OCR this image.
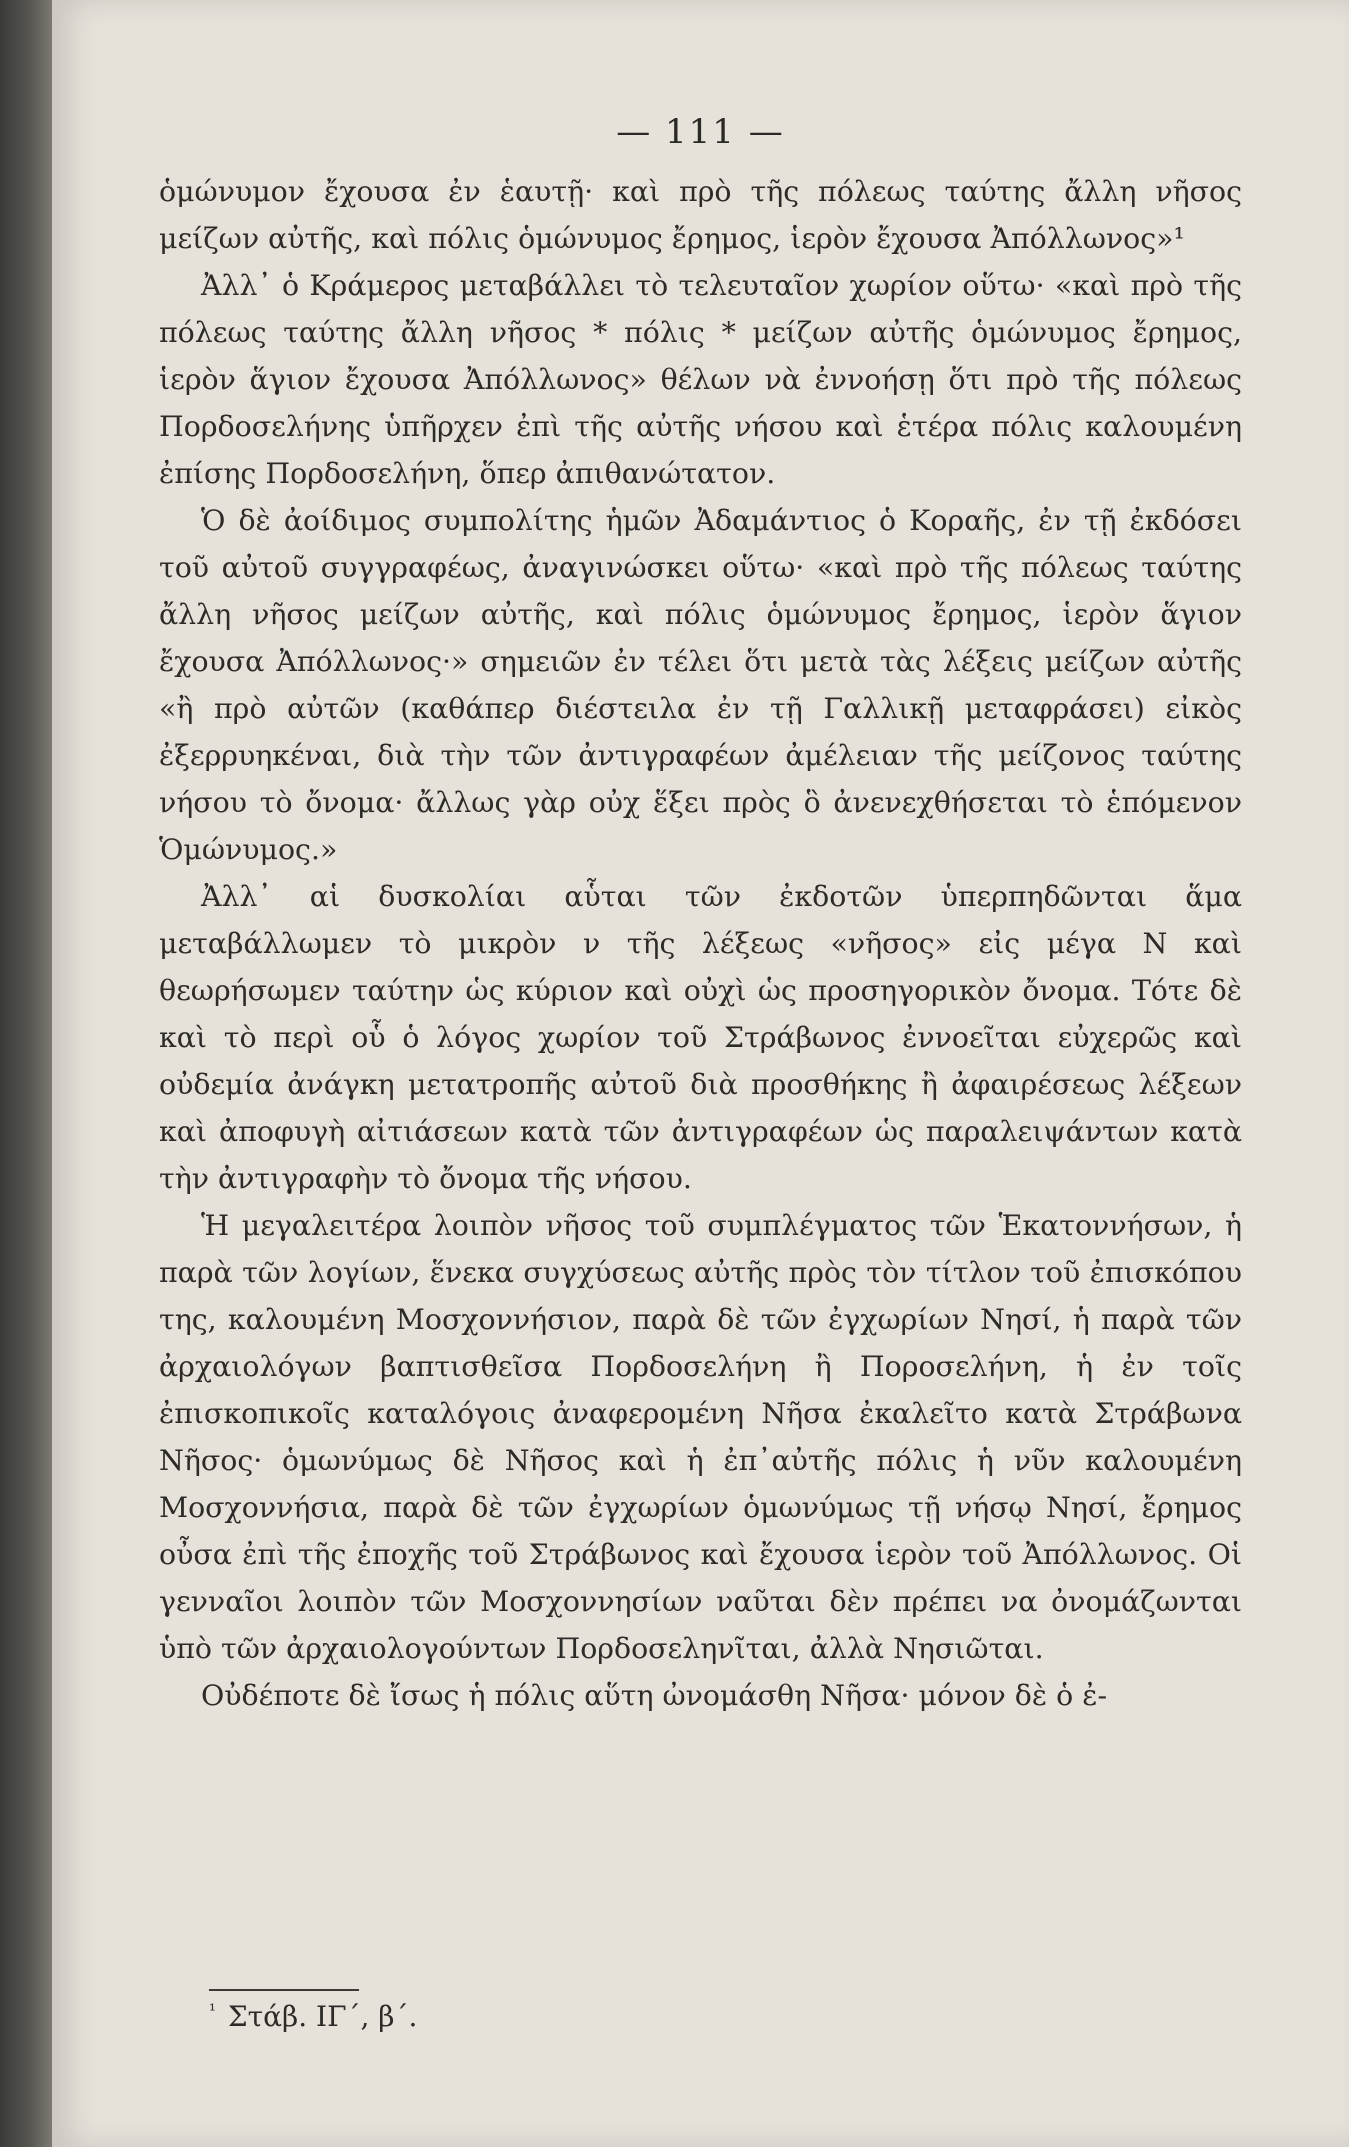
— 111 —

ὁμώνυμον ἔχουσα ἐν ἑαυτῇ· καὶ πρὸ τῆς πόλεως ταύτης ἄλλη νῆσος μείζων αὐτῆς, καὶ πόλις ὁμώνυμος ἔρημος, ἱερὸν ἔχουσα Ἀπόλλωνος»¹

Ἀλλ᾽ ὁ Κράμερος μεταβάλλει τὸ τελευταῖον χωρίον οὕτω· «καὶ πρὸ τῆς πόλεως ταύτης ἄλλη νῆσος * πόλις * μείζων αὐτῆς ὁμώνυμος ἔρημος, ἱερὸν ἅγιον ἔχουσα Ἀπόλλωνος» θέλων νὰ ἐννοήσῃ ὅτι πρὸ τῆς πόλεως Πορδοσελήνης ὑπῆρχεν ἐπὶ τῆς αὐτῆς νήσου καὶ ἑτέρα πόλις καλουμένη ἐπίσης Πορδοσελήνη, ὅπερ ἀπιθανώτατον.

Ὁ δὲ ἀοίδιμος συμπολίτης ἡμῶν Ἀδαμάντιος ὁ Κοραῆς, ἐν τῇ ἐκδόσει τοῦ αὐτοῦ συγγραφέως, ἀναγινώσκει οὕτω· «καὶ πρὸ τῆς πόλεως ταύτης ἄλλη νῆσος μείζων αὐτῆς, καὶ πόλις ὁμώνυμος ἔρημος, ἱερὸν ἅγιον ἔχουσα Ἀπόλλωνος·» σημειῶν ἐν τέλει ὅτι μετὰ τὰς λέξεις μείζων αὐτῆς «ἢ πρὸ αὐτῶν (καθάπερ διέστειλα ἐν τῇ Γαλλικῇ μεταφράσει) εἰκὸς ἐξερρυηκέναι, διὰ τὴν τῶν ἀντιγραφέων ἀμέλειαν τῆς μείζονος ταύτης νήσου τὸ ὄνομα· ἄλλως γὰρ οὐχ ἕξει πρὸς ὃ ἀνενεχθήσεται τὸ ἑπόμενον Ὁμώνυμος.»

Ἀλλ᾽ αἱ δυσκολίαι αὗται τῶν ἐκδοτῶν ὑπερπηδῶνται ἅμα μεταβάλλωμεν τὸ μικρὸν ν τῆς λέξεως «νῆσος» εἰς μέγα Ν καὶ θεωρήσωμεν ταύτην ὡς κύριον καὶ οὐχὶ ὡς προσηγορικὸν ὄνομα. Τότε δὲ καὶ τὸ περὶ οὗ ὁ λόγος χωρίον τοῦ Στράβωνος ἐννοεῖται εὐχερῶς καὶ οὐδεμία ἀνάγκη μετατροπῆς αὐτοῦ διὰ προσθήκης ἢ ἀφαιρέσεως λέξεων καὶ ἀποφυγὴ αἰτιάσεων κατὰ τῶν ἀντιγραφέων ὡς παραλειψάντων κατὰ τὴν ἀντιγραφὴν τὸ ὄνομα τῆς νήσου.

Ἡ μεγαλειτέρα λοιπὸν νῆσος τοῦ συμπλέγματος τῶν Ἑκατοννήσων, ἡ παρὰ τῶν λογίων, ἕνεκα συγχύσεως αὐτῆς πρὸς τὸν τίτλον τοῦ ἐπισκόπου της, καλουμένη Μοσχοννήσιον, παρὰ δὲ τῶν ἐγχωρίων Νησί, ἡ παρὰ τῶν ἀρχαιολόγων βαπτισθεῖσα Πορδοσελήνη ἢ Ποροσελήνη, ἡ ἐν τοῖς ἐπισκοπικοῖς καταλόγοις ἀναφερομένη Νῆσα ἐκαλεῖτο κατὰ Στράβωνα Νῆσος· ὁμωνύμως δὲ Νῆσος καὶ ἡ ἐπ᾽αὐτῆς πόλις ἡ νῦν καλουμένη Μοσχοννήσια, παρὰ δὲ τῶν ἐγχωρίων ὁμωνύμως τῇ νήσῳ Νησί, ἔρημος οὖσα ἐπὶ τῆς ἐποχῆς τοῦ Στράβωνος καὶ ἔχουσα ἱερὸν τοῦ Ἀπόλλωνος. Οἱ γενναῖοι λοιπὸν τῶν Μοσχοννησίων ναῦται δὲν πρέπει να ὀνομάζωνται ὑπὸ τῶν ἀρχαιολογούντων Πορδοσεληνῖται, ἀλλὰ Νησιῶται.

Οὐδέποτε δὲ ἴσως ἡ πόλις αὕτη ὠνομάσθη Νῆσα· μόνον δὲ ὁ ἐ-

$^{^1}$ Στάβ. ΙΓ΄, β΄.
